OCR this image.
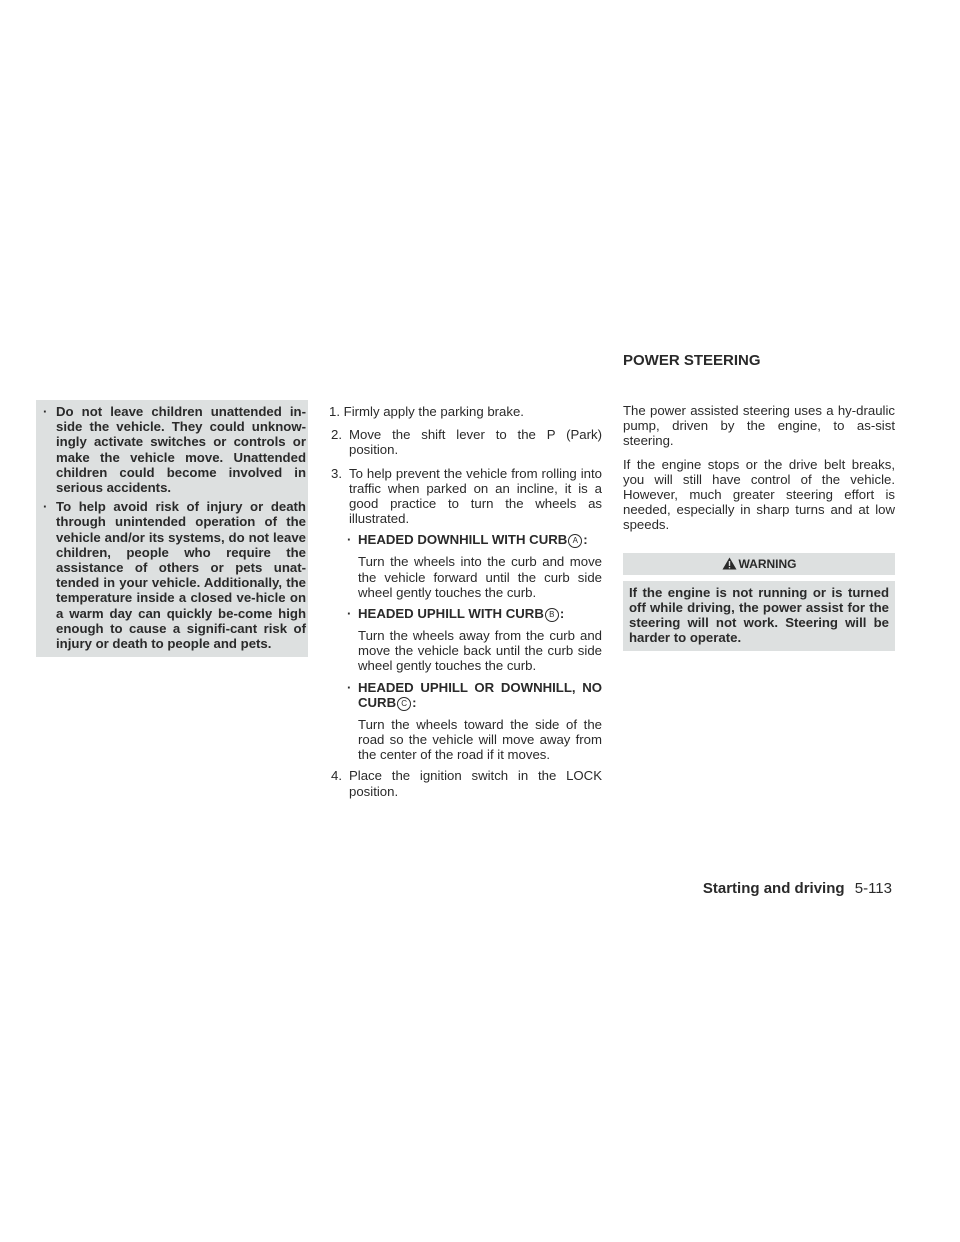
· Do not leave children unattended in-side the vehicle. They could unknow-ingly activate switches or controls or make the vehicle move. Unattended children could become involved in serious accidents.
· To help avoid risk of injury or death through unintended operation of the vehicle and/or its systems, do not leave children, people who require the assistance of others or pets unat-tended in your vehicle. Additionally, the temperature inside a closed ve-hicle on a warm day can quickly be-come high enough to cause a signifi-cant risk of injury or death to people and pets.
1. Firmly apply the parking brake.
2. Move the shift lever to the P (Park) position.
3. To help prevent the vehicle from rolling into traffic when parked on an incline, it is a good practice to turn the wheels as illustrated.
· HEADED DOWNHILL WITH CURB A :
Turn the wheels into the curb and move the vehicle forward until the curb side wheel gently touches the curb.
· HEADED UPHILL WITH CURB B :
Turn the wheels away from the curb and move the vehicle back until the curb side wheel gently touches the curb.
· HEADED UPHILL OR DOWNHILL, NO CURB C :
Turn the wheels toward the side of the road so the vehicle will move away from the center of the road if it moves.
4. Place the ignition switch in the LOCK position.
POWER STEERING

The power assisted steering uses a hy-draulic pump, driven by the engine, to as-sist steering.

If the engine stops or the drive belt breaks, you will still have control of the vehicle. However, much greater steering effort is needed, especially in sharp turns and at low speeds.

WARNING
If the engine is not running or is turned off while driving, the power assist for the steering will not work. Steering will be harder to operate.
Starting and driving 5-113
